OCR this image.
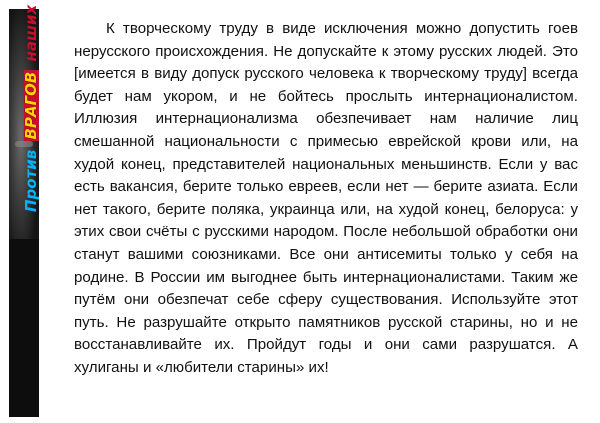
Против ВРАГОВ наших
Страница17

К творческому труду в виде исключения можно допустить гоев нерусского происхождения. Не допускайте к этому русских людей. Это [имеется в виду допуск русского человека к творческому труду] всегда будет нам укором, и не бойтесь прослыть интернационалистом. Иллюзия интернационализма обезпечивает нам наличие лиц смешанной национальности с примесью еврейской крови или, на худой конец, представителей национальных меньшинств. Если у вас есть вакансия, берите только евреев, если нет — берите азиата. Если нет такого, берите поляка, украинца или, на худой конец, белоруса: у этих свои счёты с русскими народом. После небольшой обработки они станут вашими союзниками. Все они антисемиты только у себя на родине. В России им выгоднее быть интернационалистами. Таким же путём они обезпечат себе сферу существования. Используйте этот путь. Не разрушайте открыто памятников русской старины, но и не восстанавливайте их. Пройдут годы и они сами разрушатся. А хулиганы и «любители старины» их!
